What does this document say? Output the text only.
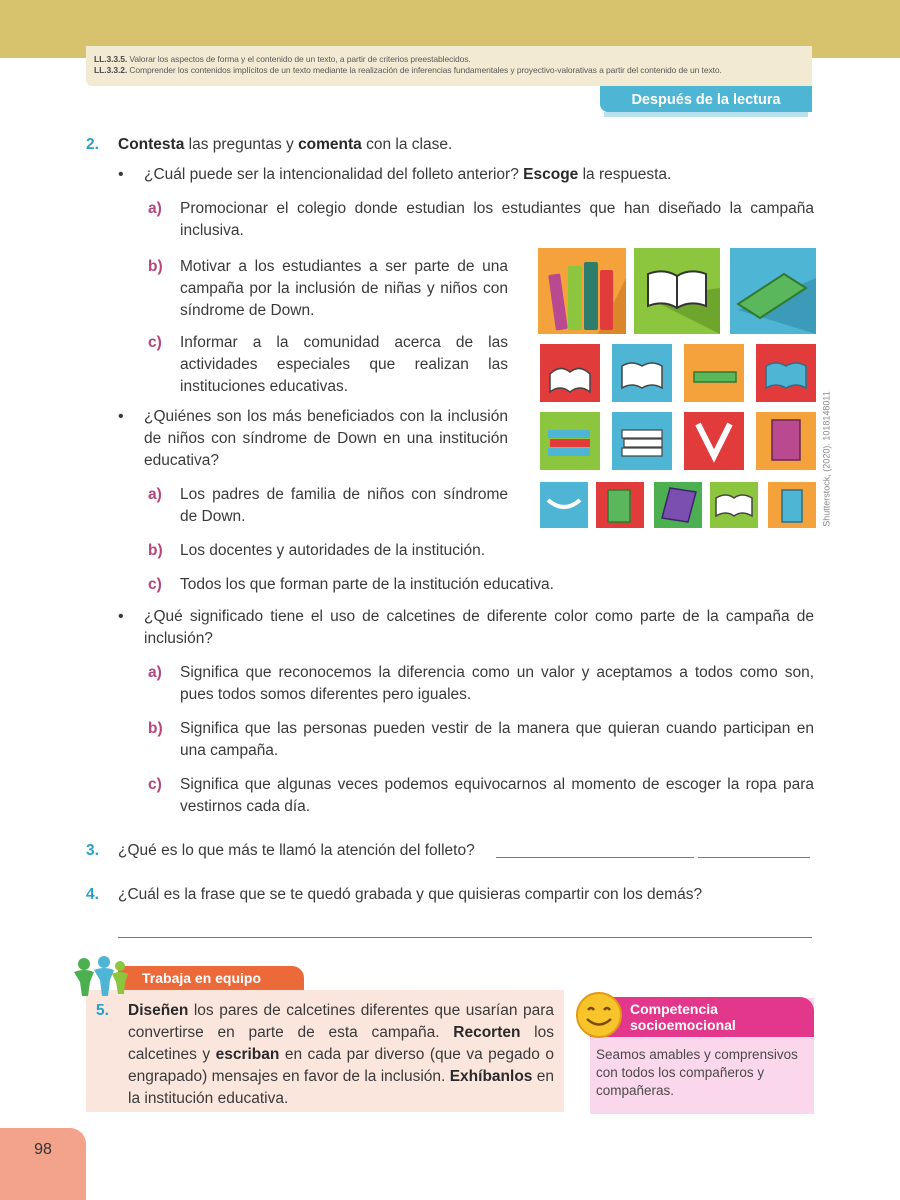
LL.3.3.5. Valorar los aspectos de forma y el contenido de un texto, a partir de criterios preestablecidos.
LL.3.3.2. Comprender los contenidos implícitos de un texto mediante la realización de inferencias fundamentales y proyectivo-valorativas a partir del contenido de un texto.
Después de la lectura
2. Contesta las preguntas y comenta con la clase.
• ¿Cuál puede ser la intencionalidad del folleto anterior? Escoge la respuesta.
a) Promocionar el colegio donde estudian los estudiantes que han diseñado la campaña inclusiva.
b) Motivar a los estudiantes a ser parte de una campaña por la inclusión de niñas y niños con síndrome de Down.
c) Informar a la comunidad acerca de las actividades especiales que realizan las instituciones educativas.
• ¿Quiénes son los más beneficiados con la inclusión de niños con síndrome de Down en una institución educativa?
a) Los padres de familia de niños con síndrome de Down.
b) Los docentes y autoridades de la institución.
c) Todos los que forman parte de la institución educativa.
• ¿Qué significado tiene el uso de calcetines de diferente color como parte de la campaña de inclusión?
a) Significa que reconocemos la diferencia como un valor y aceptamos a todos como son, pues todos somos diferentes pero iguales.
b) Significa que las personas pueden vestir de la manera que quieran cuando participan en una campaña.
c) Significa que algunas veces podemos equivocarnos al momento de escoger la ropa para vestirnos cada día.
3. ¿Qué es lo que más te llamó la atención del folleto?
4. ¿Cuál es la frase que se te quedó grabada y que quisieras compartir con los demás?
Shutterstock, (2020). 1018148011
Trabaja en equipo
5. Diseñen los pares de calcetines diferentes que usarían para convertirse en parte de esta campaña. Recorten los calcetines y escriban en cada par diverso (que va pegado o engrapado) mensajes en favor de la inclusión. Exhíbanlos en la institución educativa.
Competencia
socioemocional
Seamos amables y comprensivos con todos los compañeros y compañeras.
98
